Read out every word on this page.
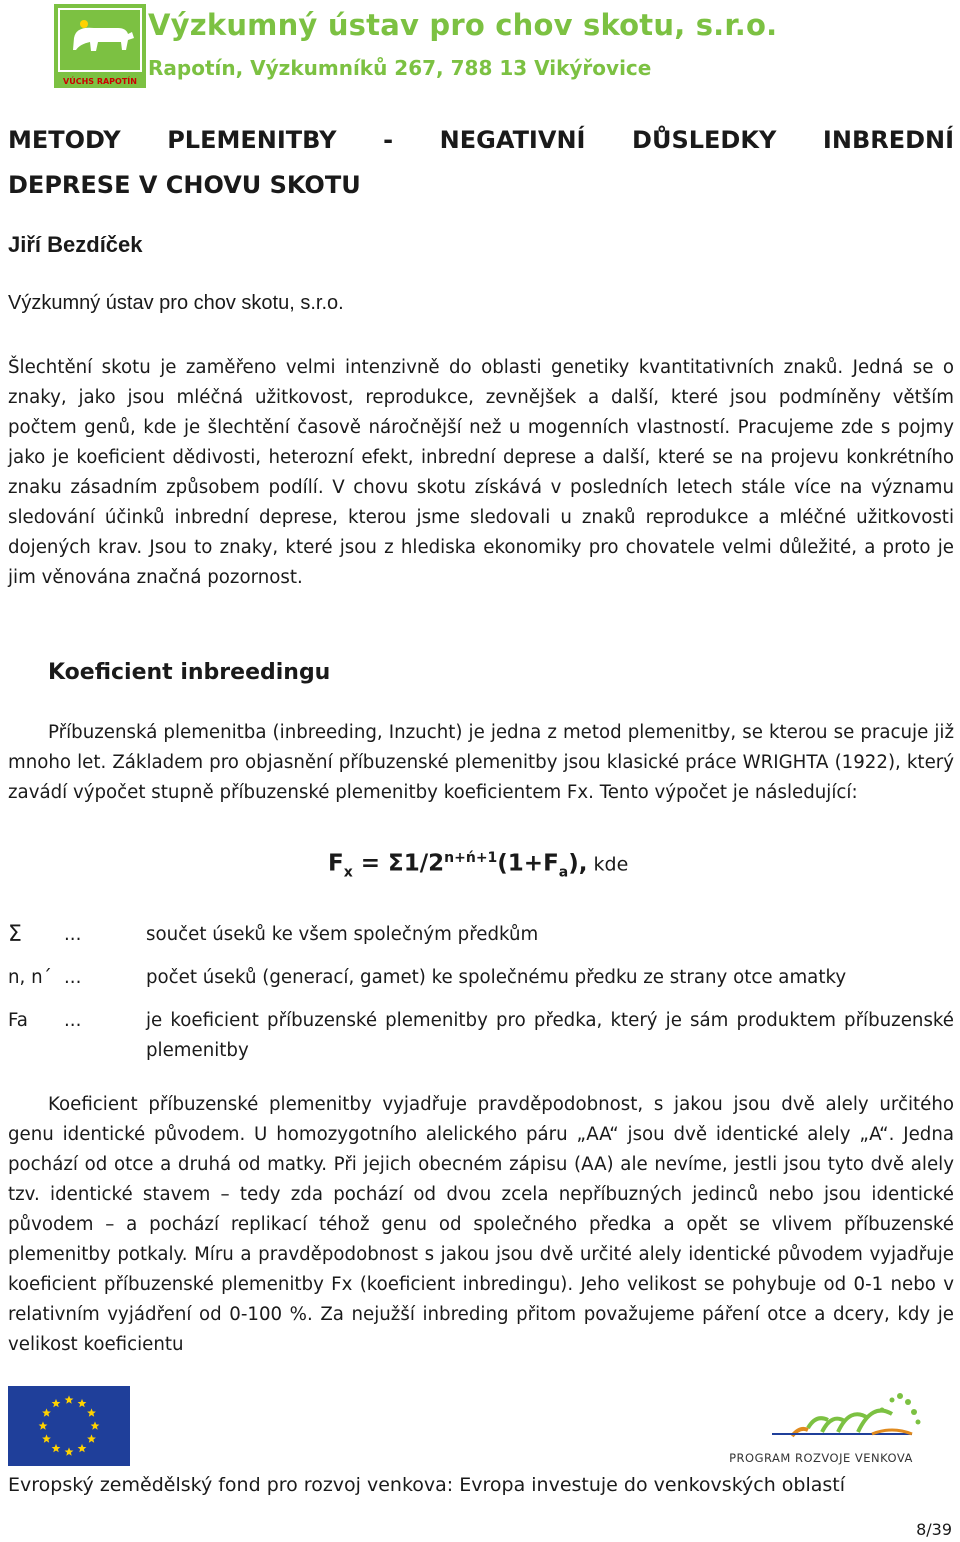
VÚCHS RAPOTÍN
Výzkumný ústav pro chov skotu, s.r.o.
Rapotín, Výzkumníků 267, 788 13 Vikýřovice
METODY PLEMENITBY - NEGATIVNÍ DŮSLEDKY INBREDNÍ
DEPRESE V CHOVU SKOTU
Jiří Bezdíček
Výzkumný ústav pro chov skotu, s.r.o.
Šlechtění skotu je zaměřeno velmi intenzivně do oblasti genetiky kvantitativních znaků. Jedná se o znaky, jako jsou mléčná užitkovost, reprodukce, zevnějšek a další, které jsou podmíněny větším počtem genů, kde je šlechtění časově náročnější než u mogenních vlastností. Pracujeme zde s pojmy jako je koeficient dědivosti, heterozní efekt, inbrední deprese a další, které se na projevu konkrétního znaku zásadním způsobem podílí. V chovu skotu získává v posledních letech stále více na významu sledování účinků inbrední deprese, kterou jsme sledovali u znaků reprodukce a mléčné užitkovosti dojených krav. Jsou to znaky, které jsou z hlediska ekonomiky pro chovatele velmi důležité, a proto je jim věnována značná pozornost.
Koeficient inbreedingu
Příbuzenská plemenitba (inbreeding, Inzucht) je jedna z metod plemenitby, se kterou se pracuje již mnoho let. Základem pro objasnění příbuzenské plemenitby jsou klasické práce WRIGHTA (1922), který zavádí výpočet stupně příbuzenské plemenitby koeficientem Fx. Tento výpočet je následující:
$F_x = \Sigma 1/2^{n+ń+1}(1+F_a)$, kde
Σ	...	součet úseků ke všem společným předkům
n, n´ ...	počet úseků (generací, gamet) ke společnému předku ze strany otce amatky
Fa	...	je koeficient příbuzenské plemenitby pro předka, který je sám produktem příbuzenské plemenitby
Koeficient příbuzenské plemenitby vyjadřuje pravděpodobnost, s jakou jsou dvě alely určitého genu identické původem. U homozygotního alelického páru „AA“ jsou dvě identické alely „A“. Jedna pochází od otce a druhá od matky. Při jejich obecném zápisu (AA) ale nevíme, jestli jsou tyto dvě alely tzv. identické stavem – tedy zda pochází od dvou zcela nepříbuzných jedinců nebo jsou identické původem – a pochází replikací téhož genu od společného předka a opět se vlivem příbuzenské plemenitby potkaly. Míru a pravděpodobnost s jakou jsou dvě určité alely identické původem vyjadřuje koeficient příbuzenské plemenitby Fx (koeficient inbredingu). Jeho velikost se pohybuje od 0-1 nebo v relativním vyjádření od 0-100 %. Za nejužší inbreding přitom považujeme páření otce a dcery, kdy je velikost koeficientu
PROGRAM ROZVOJE VENKOVA
Evropský zemědělský fond pro rozvoj venkova: Evropa investuje do venkovských oblastí
8/39
